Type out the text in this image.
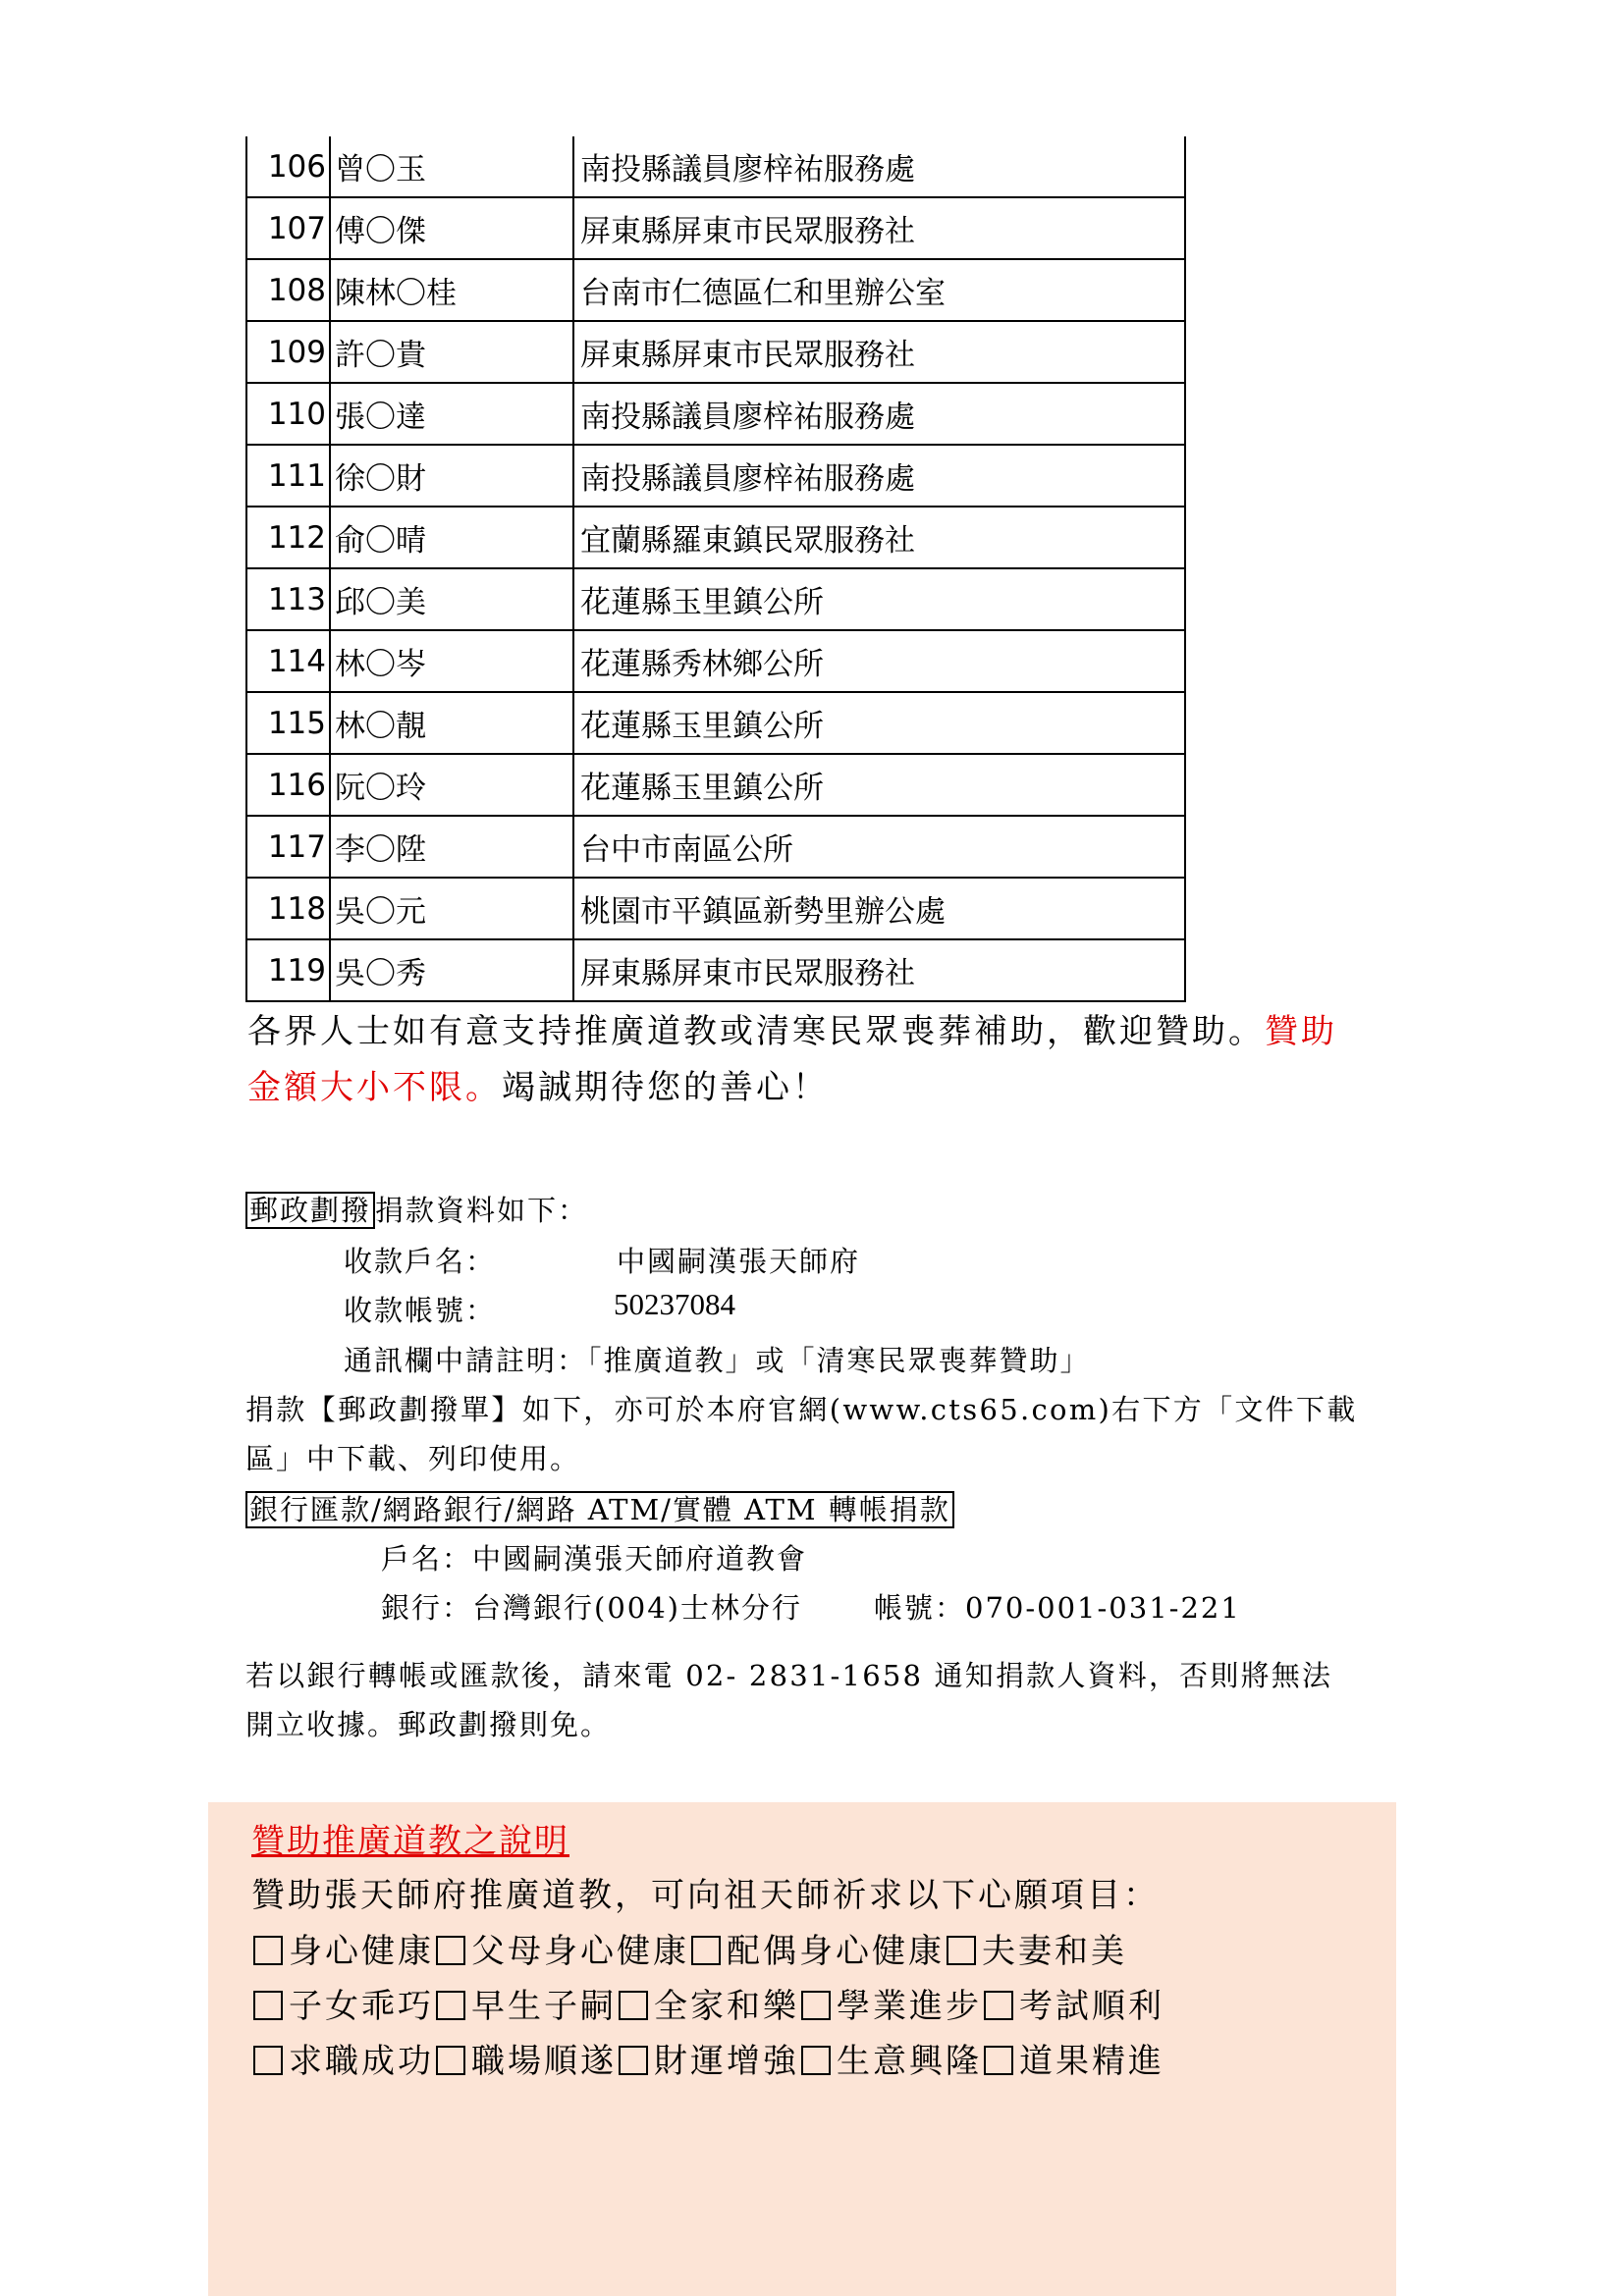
106	曾〇玉	南投縣議員廖梓祐服務處
107	傅〇傑	屏東縣屏東市民眾服務社
108	陳林〇桂	台南市仁德區仁和里辦公室
109	許〇貴	屏東縣屏東市民眾服務社
110	張〇達	南投縣議員廖梓祐服務處
111	徐〇財	南投縣議員廖梓祐服務處
112	俞〇晴	宜蘭縣羅東鎮民眾服務社
113	邱〇美	花蓮縣玉里鎮公所
114	林〇岑	花蓮縣秀林鄉公所
115	林〇靚	花蓮縣玉里鎮公所
116	阮〇玲	花蓮縣玉里鎮公所
117	李〇陞	台中市南區公所
118	吳〇元	桃園市平鎮區新勢里辦公處
119	吳〇秀	屏東縣屏東市民眾服務社
各界人士如有意支持推廣道教或清寒民眾喪葬補助，歡迎贊助。贊助
金額大小不限。竭誠期待您的善心！
郵政劃撥 捐款資料如下：
收款戶名：	中國嗣漢張天師府
收款帳號：	50237084
通訊欄中請註明：「推廣道教」或「清寒民眾喪葬贊助」
捐款【郵政劃撥單】如下，亦可於本府官網(www.cts65.com)右下方「文件下載
區」中下載、列印使用。
銀行匯款/網路銀行/網路 ATM/實體 ATM 轉帳捐款
戶名：中國嗣漢張天師府道教會
銀行：台灣銀行(004)士林分行	帳號：070-001-031-221
若以銀行轉帳或匯款後，請來電 02- 2831-1658 通知捐款人資料，否則將無法
開立收據。郵政劃撥則免。
贊助推廣道教之說明
贊助張天師府推廣道教，可向祖天師祈求以下心願項目：
身心健康 父母身心健康 配偶身心健康 夫妻和美
子女乖巧 早生子嗣 全家和樂 學業進步 考試順利
求職成功 職場順遂 財運增強 生意興隆 道果精進
